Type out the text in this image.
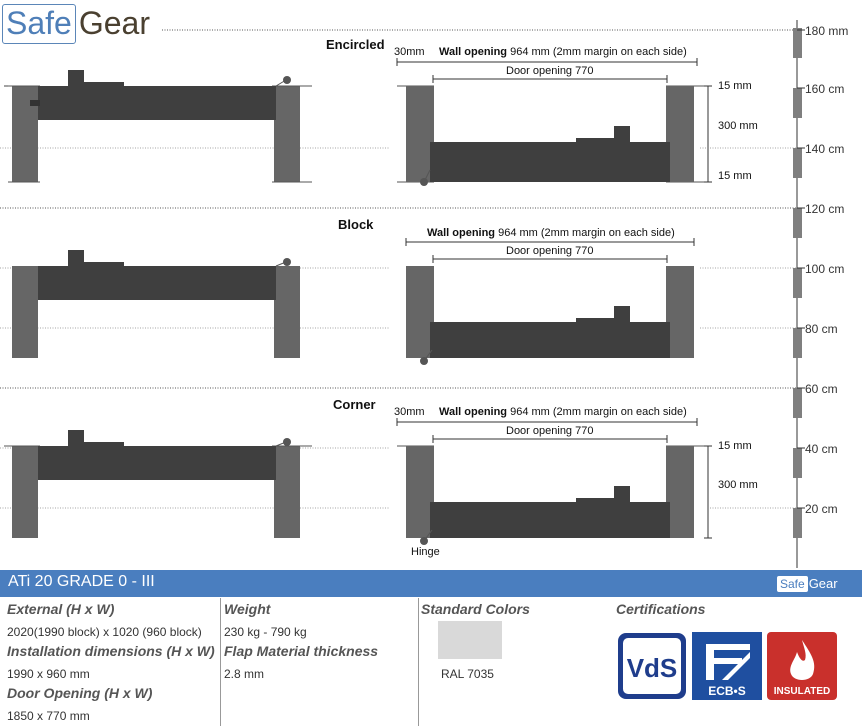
Safe Gear	180 mm
160 cm
140 cm
120 cm
100 cm
80 cm
60 cm
40 cm
20 cm
Encircled 30mm Wall opening 964 mm (2mm margin on each side)
Door opening 770
15 mm
300 mm
15 mm
Block
Wall opening 964 mm (2mm margin on each side)
Door opening 770
Corner 30mm Wall opening 964 mm (2mm margin on each side)
Door opening 770
15 mm
300 mm
Hinge
ATi 20 GRADE 0 - III	Safe Gear
External (H x W)
2020(1990 block) x 1020 (960 block)
Installation dimensions (H x W)
1990 x 960 mm
Door Opening (H x W)
1850 x 770 mm
Weight
230 kg - 790 kg
Flap Material thickness
2.8 mm
Standard Colors
RAL 7035
Certifications
VdS
ECB•S	INSULATED
